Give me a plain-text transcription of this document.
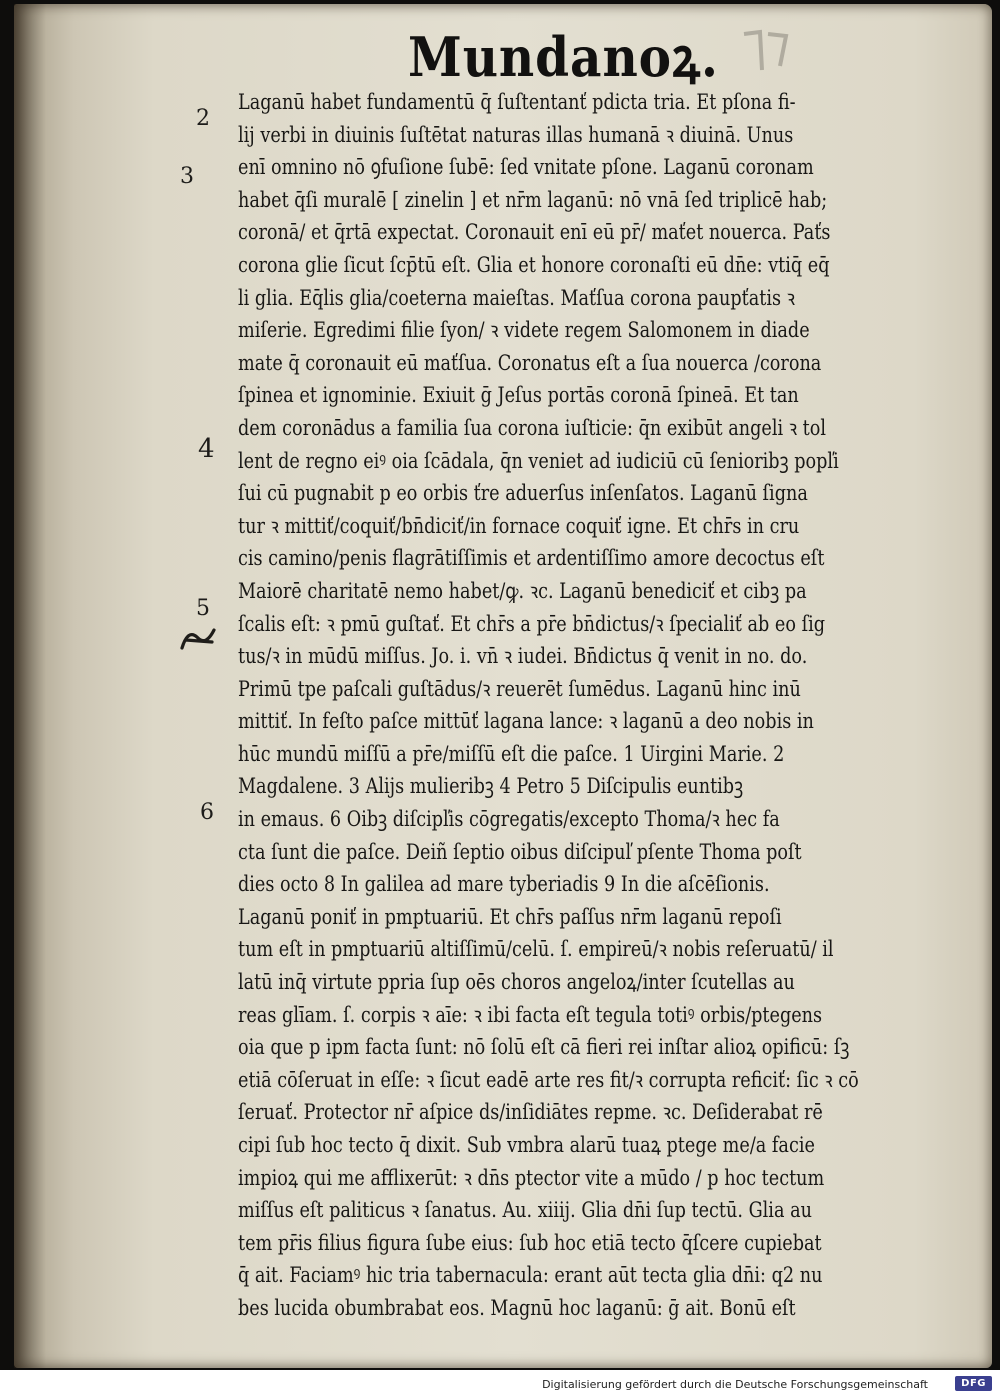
Mundanoꝝ.
2
3
4
5
6
Laganū habet fundamentū q̄ ſuſtentanť pdicta tria. Et pſona fi-
lij verbi in diuinis ſuſtētat naturas illas humanā ꝛ diuinā. Unus
enī omnino nō ꝯfuſione ſubē: ſed vnitate pſone. Laganū coronam
habet q̄ſi muralē [ zinelin ] et nr̄m laganū: nō vnā ſed triplicē hab;
coronā/ et q̄rtā expectat. Coronauit enī eū pr̄/ maťet nouerca. Paťs
corona glie ſicut ſcp̄tū eſt. Glia et honore coronaſti eū dn̄e: vtiq̄ eq̄
li glia. Eq̄lis glia/coeterna maieſtas. Maťſua corona paupťatis ꝛ
miſerie. Egredimi filie ſyon/ ꝛ videte regem Salomonem in diade
mate q̄ coronauit eū maťſua. Coronatus eſt a ſua nouerca /corona
ſpinea et ignominie. Exiuit ḡ Jeſus portās coronā ſpineā. Et tan
dem coronādus a familia ſua corona iuſticie: q̄n exibūt angeli ꝛ tol
lent de regno eiꝰ oia ſcādala, q̄n veniet ad iudiciū cū ſenioribꝫ popľi
ſui cū pugnabit p eo orbis ťre aduerſus inſenſatos. Laganū ſigna
tur ꝛ mittiť/coquiť/bn̄diciť/in fornace coquiť igne. Et chr̄s in cru
cis camino/penis flagrātiſſimis et ardentiſſimo amore decoctus eſt
Maiorē charitatē nemo habet/ꝙ. ꝛc. Laganū benediciť et cibꝫ pa
ſcalis eſt: ꝛ pmū guſtať. Et chr̄s a pr̄e bn̄dictus/ꝛ ſpecialiť ab eo ſig
tus/ꝛ in mūdū miſſus. Jo. i. vn̄ ꝛ iudei. Bn̄dictus q̄ venit in no. do.
Primū tpe paſcali guſtādus/ꝛ reuerēt ſumēdus. Laganū hinc inū
mittiť. In feſto paſce mittūť lagana lance: ꝛ laganū a deo nobis in
hūc mundū miſſū a pr̄e/miſſū eſt die paſce. 1 Uirgini Marie. 2
Magdalene. 3 Alijs mulieribꝫ 4 Petro 5 Diſcipulis euntibꝫ
in emaus. 6 Oibꝫ diſcipľis cōgregatis/excepto Thoma/ꝛ hec fa
cta ſunt die paſce. Deiñ ſeptio oibus diſcipuľ pſente Thoma poſt
dies octo 8 In galilea ad mare tyberiadis 9 In die aſcēſionis.
Laganū poniť in pmptuariū. Et chr̄s paſſus nr̄m laganū repoſi
tum eſt in pmptuariū altiſſimū/celū. ſ. empireū/ꝛ nobis reſeruatū/ il
latū inq̄ virtute ppria ſup oēs choros angeloꝝ/inter ſcutellas au
reas glīam. ſ. corpis ꝛ aīe: ꝛ ibi facta eſt tegula totiꝰ orbis/ptegens
oia que p ipm facta ſunt: nō ſolū eſt cā fieri rei inſtar alioꝝ opificū: ſꝫ
etiā cōſeruat in eſſe: ꝛ ſicut eadē arte res fit/ꝛ corrupta reficiť: ſic ꝛ cō
ſeruať. Protector nr̄ aſpice ds/inſidiātes repme. ꝛc. Deſiderabat rē
cipi ſub hoc tecto q̄ dixit. Sub vmbra alarū tuaꝝ ptege me/a facie
impioꝝ qui me afflixerūt: ꝛ dn̄s ptector vite a mūdo / p hoc tectum
miſſus eſt paliticus ꝛ ſanatus. Au. xiiij. Glia dn̄i ſup tectū. Glia au
tem pr̄is filius figura ſube eius: ſub hoc etiā tecto q̄ſcere cupiebat
q̄ ait. Faciamꝰ hic tria tabernacula: erant aūt tecta glia dn̄i: q2 nu
bes lucida obumbrabat eos. Magnū hoc laganū: ḡ ait. Bonū eſt
Digitalisierung gefördert durch die Deutsche Forschungsgemeinschaft	DFG
